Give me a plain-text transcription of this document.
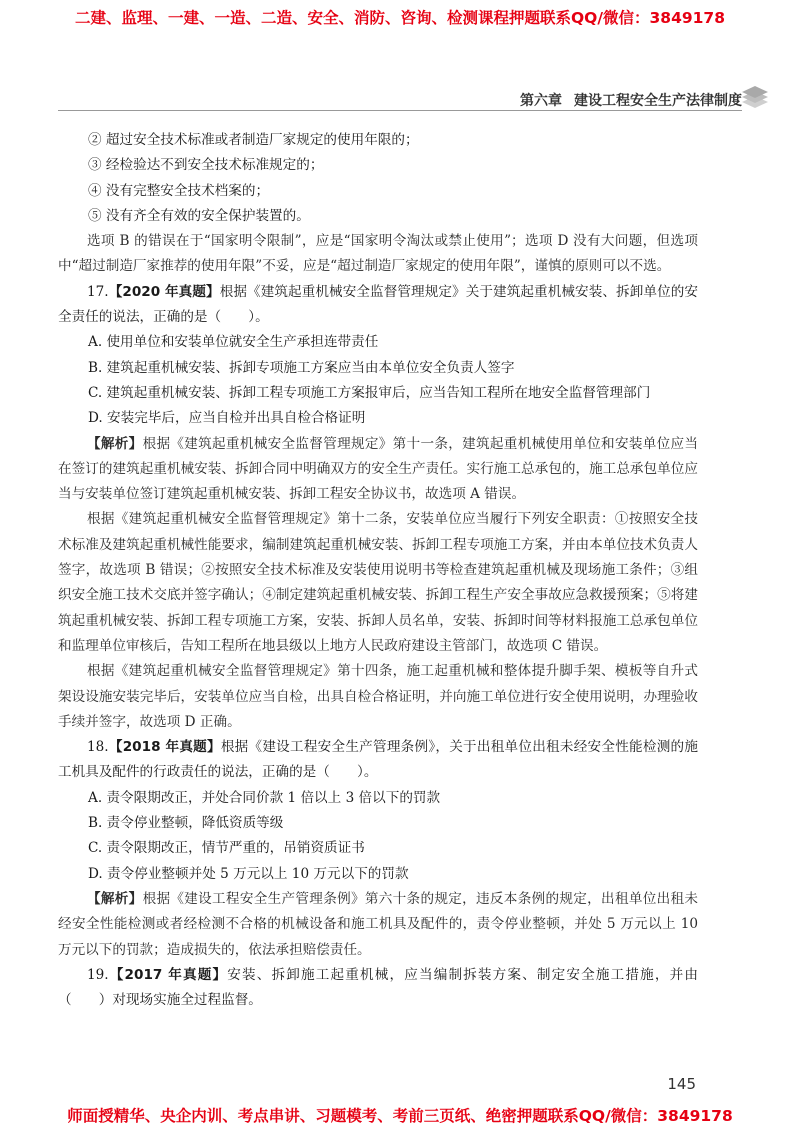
二建、监理、一建、一造、二造、安全、消防、咨询、检测课程押题联系QQ/微信：3849178
第六章 建设工程安全生产法律制度

② 超过安全技术标准或者制造厂家规定的使用年限的；

③ 经检验达不到安全技术标准规定的；

④ 没有完整安全技术档案的；

⑤ 没有齐全有效的安全保护装置的。

选项 B 的错误在于“国家明令限制”，应是“国家明令淘汰或禁止使用”；选项 D 没有大问题，但选项中“超过制造厂家推荐的使用年限”不妥，应是“超过制造厂家规定的使用年限”，谨慎的原则可以不选。

17.【2020 年真题】根据《建筑起重机械安全监督管理规定》关于建筑起重机械安装、拆卸单位的安全责任的说法，正确的是（　　）。

A. 使用单位和安装单位就安全生产承担连带责任

B. 建筑起重机械安装、拆卸专项施工方案应当由本单位安全负责人签字

C. 建筑起重机械安装、拆卸工程专项施工方案报审后，应当告知工程所在地安全监督管理部门

D. 安装完毕后，应当自检并出具自检合格证明

【解析】根据《建筑起重机械安全监督管理规定》第十一条，建筑起重机械使用单位和安装单位应当在签订的建筑起重机械安装、拆卸合同中明确双方的安全生产责任。实行施工总承包的，施工总承包单位应当与安装单位签订建筑起重机械安装、拆卸工程安全协议书，故选项 A 错误。

根据《建筑起重机械安全监督管理规定》第十二条，安装单位应当履行下列安全职责：①按照安全技术标准及建筑起重机械性能要求，编制建筑起重机械安装、拆卸工程专项施工方案，并由本单位技术负责人签字，故选项 B 错误；②按照安全技术标准及安装使用说明书等检查建筑起重机械及现场施工条件；③组织安全施工技术交底并签字确认；④制定建筑起重机械安装、拆卸工程生产安全事故应急救援预案；⑤将建筑起重机械安装、拆卸工程专项施工方案，安装、拆卸人员名单，安装、拆卸时间等材料报施工总承包单位和监理单位审核后，告知工程所在地县级以上地方人民政府建设主管部门，故选项 C 错误。

根据《建筑起重机械安全监督管理规定》第十四条，施工起重机械和整体提升脚手架、模板等自升式架设设施安装完毕后，安装单位应当自检，出具自检合格证明，并向施工单位进行安全使用说明，办理验收手续并签字，故选项 D 正确。

18.【2018 年真题】根据《建设工程安全生产管理条例》，关于出租单位出租未经安全性能检测的施工机具及配件的行政责任的说法，正确的是（　　）。

A. 责令限期改正，并处合同价款 1 倍以上 3 倍以下的罚款

B. 责令停业整顿，降低资质等级

C. 责令限期改正，情节严重的，吊销资质证书

D. 责令停业整顿并处 5 万元以上 10 万元以下的罚款

【解析】根据《建设工程安全生产管理条例》第六十条的规定，违反本条例的规定，出租单位出租未经安全性能检测或者经检测不合格的机械设备和施工机具及配件的，责令停业整顿，并处 5 万元以上 10 万元以下的罚款；造成损失的，依法承担赔偿责任。

19.【2017 年真题】安装、拆卸施工起重机械，应当编制拆装方案、制定安全施工措施，并由（　　）对现场实施全过程监督。

145
师面授精华、央企内训、考点串讲、习题模考、考前三页纸、绝密押题联系QQ/微信：3849178
